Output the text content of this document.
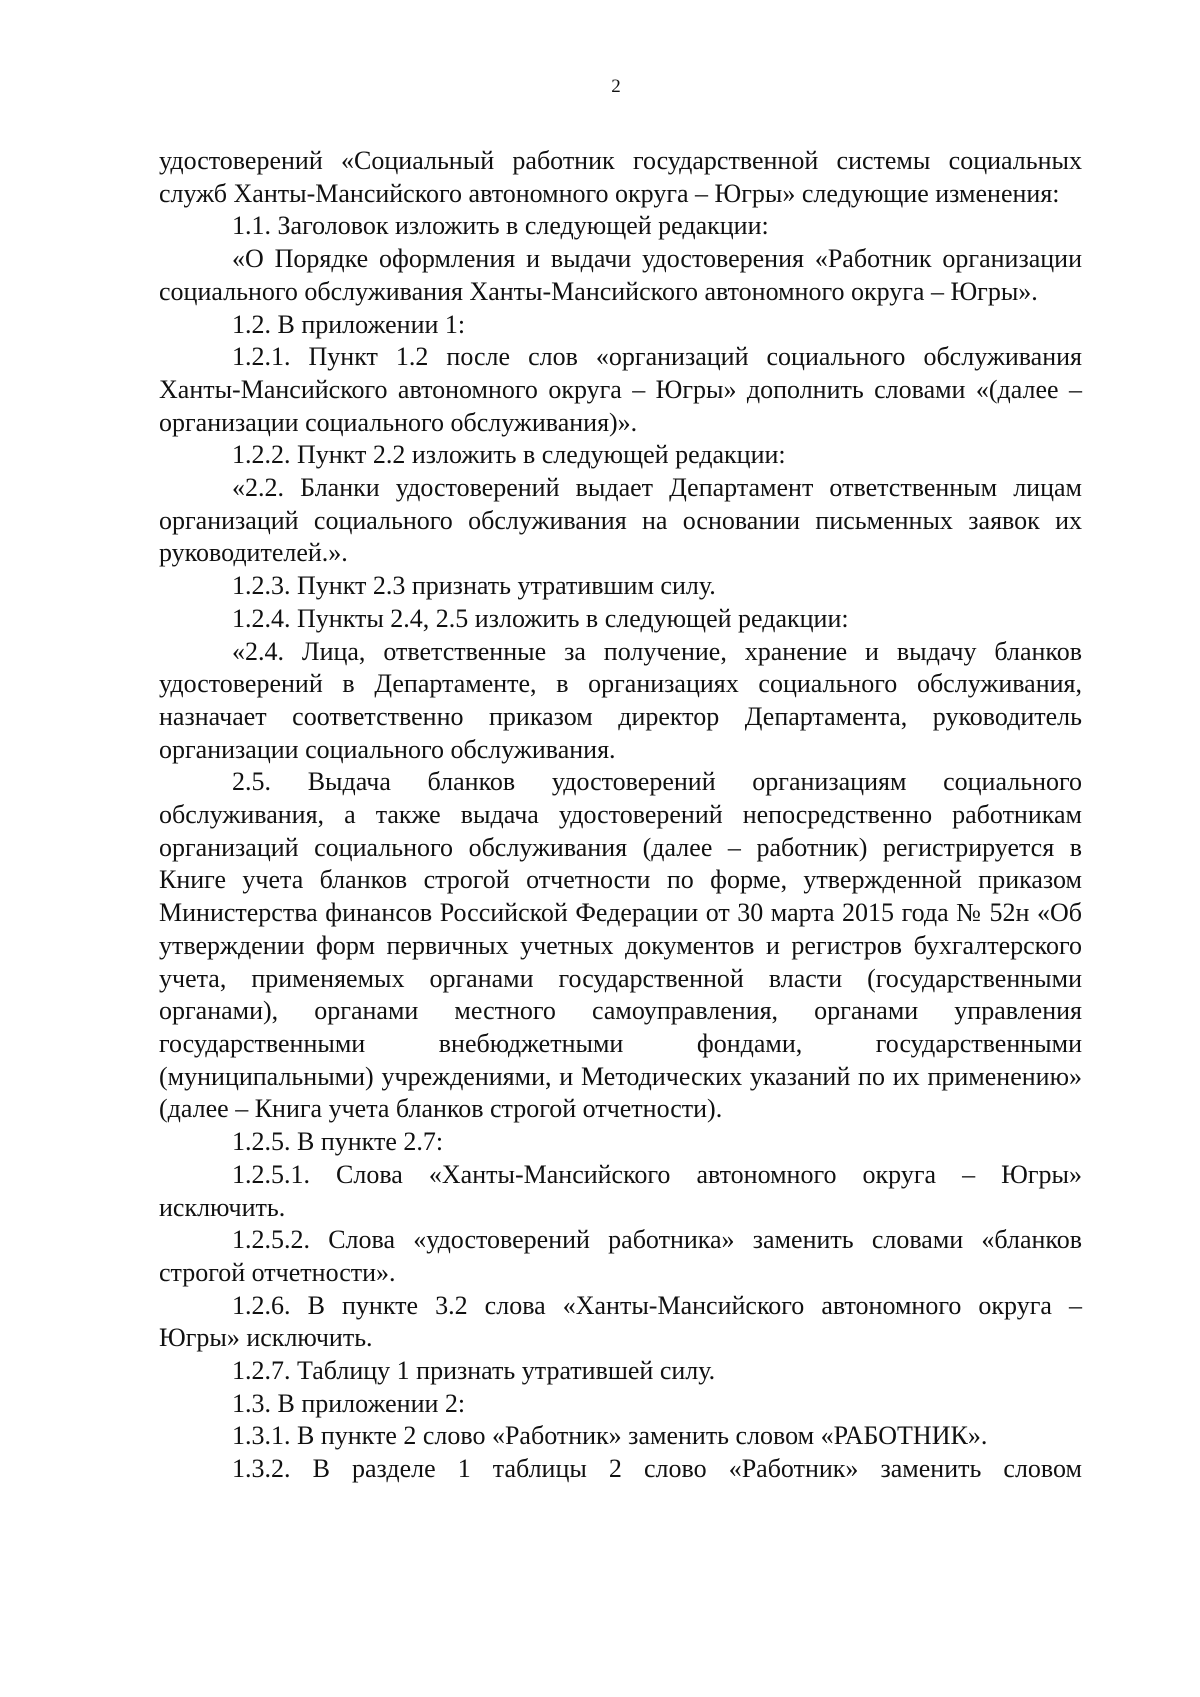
2

удостоверений «Социальный работник государственной системы социальных служб Ханты-Мансийского автономного округа – Югры» следующие изменения:

1.1. Заголовок изложить в следующей редакции:

«О Порядке оформления и выдачи удостоверения «Работник организации социального обслуживания Ханты-Мансийского автономного округа – Югры».

1.2. В приложении 1:

1.2.1. Пункт 1.2 после слов «организаций социального обслуживания Ханты-Мансийского автономного округа – Югры» дополнить словами «(далее – организации социального обслуживания)».

1.2.2. Пункт 2.2 изложить в следующей редакции:

«2.2. Бланки удостоверений выдает Департамент ответственным лицам организаций социального обслуживания на основании письменных заявок их руководителей.».

1.2.3. Пункт 2.3 признать утратившим силу.

1.2.4. Пункты 2.4, 2.5 изложить в следующей редакции:

«2.4. Лица, ответственные за получение, хранение и выдачу бланков удостоверений в Департаменте, в организациях социального обслуживания, назначает соответственно приказом директор Департамента, руководитель организации социального обслуживания.

2.5. Выдача бланков удостоверений организациям социального обслуживания, а также выдача удостоверений непосредственно работникам организаций социального обслуживания (далее – работник) регистрируется в Книге учета бланков строгой отчетности по форме, утвержденной приказом Министерства финансов Российской Федерации от 30 марта 2015 года № 52н «Об утверждении форм первичных учетных документов и регистров бухгалтерского учета, применяемых органами государственной власти (государственными органами), органами местного самоуправления, органами управления государственными внебюджетными фондами, государственными (муниципальными) учреждениями, и Методических указаний по их применению» (далее – Книга учета бланков строгой отчетности).

1.2.5. В пункте 2.7:

1.2.5.1. Слова «Ханты-Мансийского автономного округа – Югры» исключить.

1.2.5.2. Слова «удостоверений работника» заменить словами «бланков строгой отчетности».

1.2.6. В пункте 3.2 слова «Ханты-Мансийского автономного округа – Югры» исключить.

1.2.7. Таблицу 1 признать утратившей силу.

1.3. В приложении 2:

1.3.1. В пункте 2 слово «Работник» заменить словом «РАБОТНИК».

1.3.2. В разделе 1 таблицы 2 слово «Работник» заменить словом
